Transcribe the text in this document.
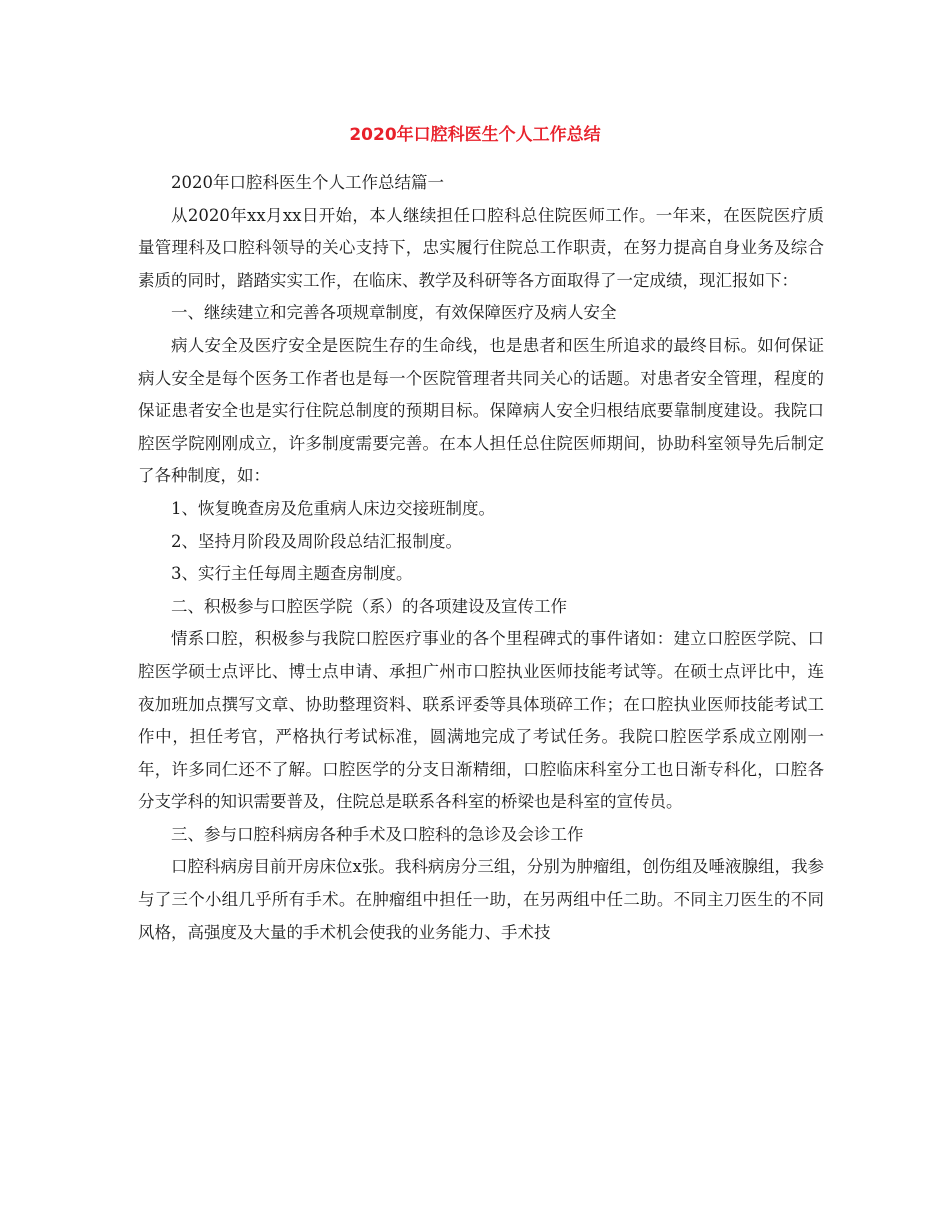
2020年口腔科医生个人工作总结

2020年口腔科医生个人工作总结篇一

从2020年xx月xx日开始，本人继续担任口腔科总住院医师工作。一年来，在医院医疗质量管理科及口腔科领导的关心支持下，忠实履行住院总工作职责，在努力提高自身业务及综合素质的同时，踏踏实实工作，在临床、教学及科研等各方面取得了一定成绩，现汇报如下：

一、继续建立和完善各项规章制度，有效保障医疗及病人安全

病人安全及医疗安全是医院生存的生命线，也是患者和医生所追求的最终目标。如何保证病人安全是每个医务工作者也是每一个医院管理者共同关心的话题。对患者安全管理，程度的保证患者安全也是实行住院总制度的预期目标。保障病人安全归根结底要靠制度建设。我院口腔医学院刚刚成立，许多制度需要完善。在本人担任总住院医师期间，协助科室领导先后制定了各种制度，如：

1、恢复晚查房及危重病人床边交接班制度。

2、坚持月阶段及周阶段总结汇报制度。

3、实行主任每周主题查房制度。

二、积极参与口腔医学院（系）的各项建设及宣传工作

情系口腔，积极参与我院口腔医疗事业的各个里程碑式的事件诸如：建立口腔医学院、口腔医学硕士点评比、博士点申请、承担广州市口腔执业医师技能考试等。在硕士点评比中，连夜加班加点撰写文章、协助整理资料、联系评委等具体琐碎工作；在口腔执业医师技能考试工作中，担任考官，严格执行考试标准，圆满地完成了考试任务。我院口腔医学系成立刚刚一年，许多同仁还不了解。口腔医学的分支日渐精细，口腔临床科室分工也日渐专科化，口腔各分支学科的知识需要普及，住院总是联系各科室的桥梁也是科室的宣传员。

三、参与口腔科病房各种手术及口腔科的急诊及会诊工作

口腔科病房目前开房床位x张。我科病房分三组，分别为肿瘤组，创伤组及唾液腺组，我参与了三个小组几乎所有手术。在肿瘤组中担任一助，在另两组中任二助。不同主刀医生的不同风格，高强度及大量的手术机会使我的业务能力、手术技
